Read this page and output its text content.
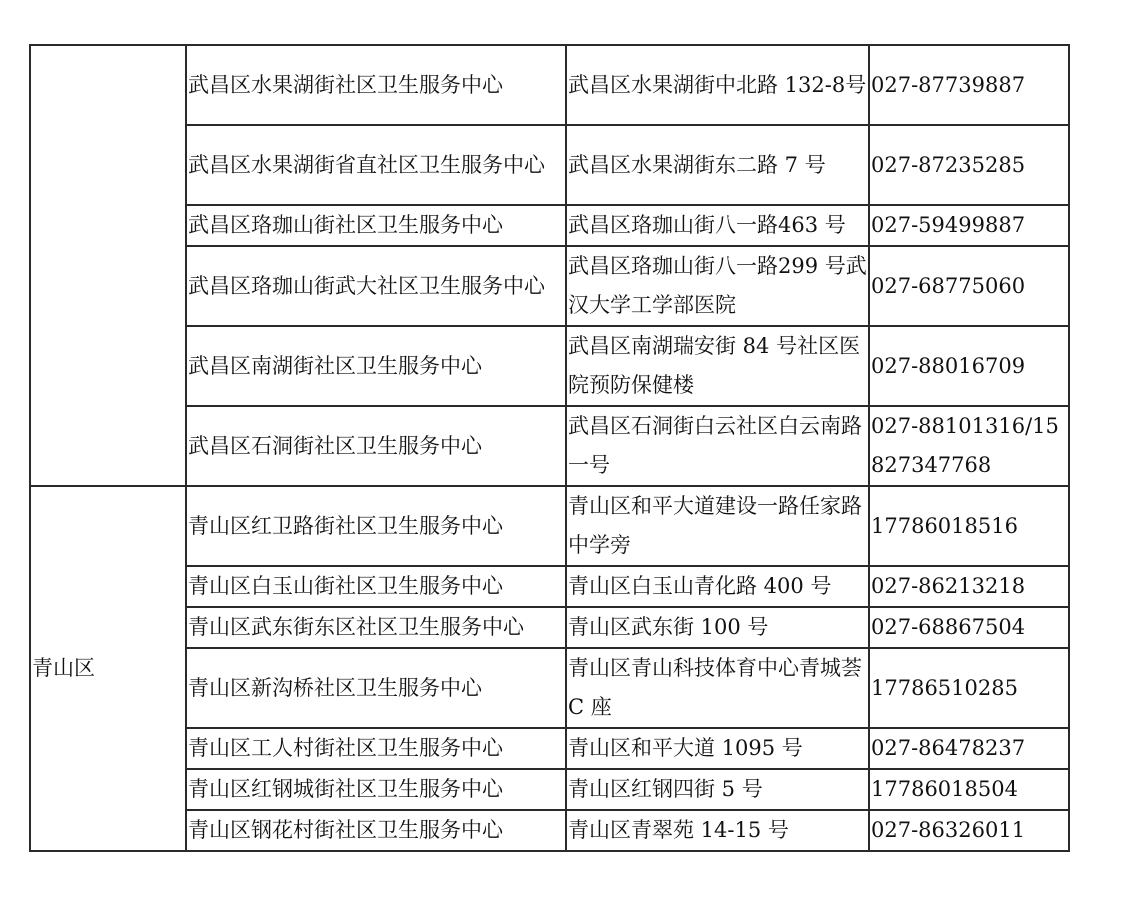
	武昌区水果湖街社区卫生服务中心	武昌区水果湖街中北路 132-8号	027-87739887
	武昌区水果湖街省直社区卫生服务中心	武昌区水果湖街东二路 7 号	027-87235285
	武昌区珞珈山街社区卫生服务中心	武昌区珞珈山街八一路463 号	027-59499887
	武昌区珞珈山街武大社区卫生服务中心	武昌区珞珈山街八一路299 号武汉大学工学部医院	027-68775060
	武昌区南湖街社区卫生服务中心	武昌区南湖瑞安街 84 号社区医院预防保健楼	027-88016709
	武昌区石洞街社区卫生服务中心	武昌区石洞街白云社区白云南路一号	027-88101316/15827347768
青山区	青山区红卫路街社区卫生服务中心	青山区和平大道建设一路任家路中学旁	17786018516
	青山区白玉山街社区卫生服务中心	青山区白玉山青化路 400 号	027-86213218
	青山区武东街东区社区卫生服务中心	青山区武东街 100 号	027-68867504
	青山区新沟桥社区卫生服务中心	青山区青山科技体育中心青城荟 C 座	17786510285
	青山区工人村街社区卫生服务中心	青山区和平大道 1095 号	027-86478237
	青山区红钢城街社区卫生服务中心	青山区红钢四街 5 号	17786018504
	青山区钢花村街社区卫生服务中心	青山区青翠苑 14-15 号	027-86326011
